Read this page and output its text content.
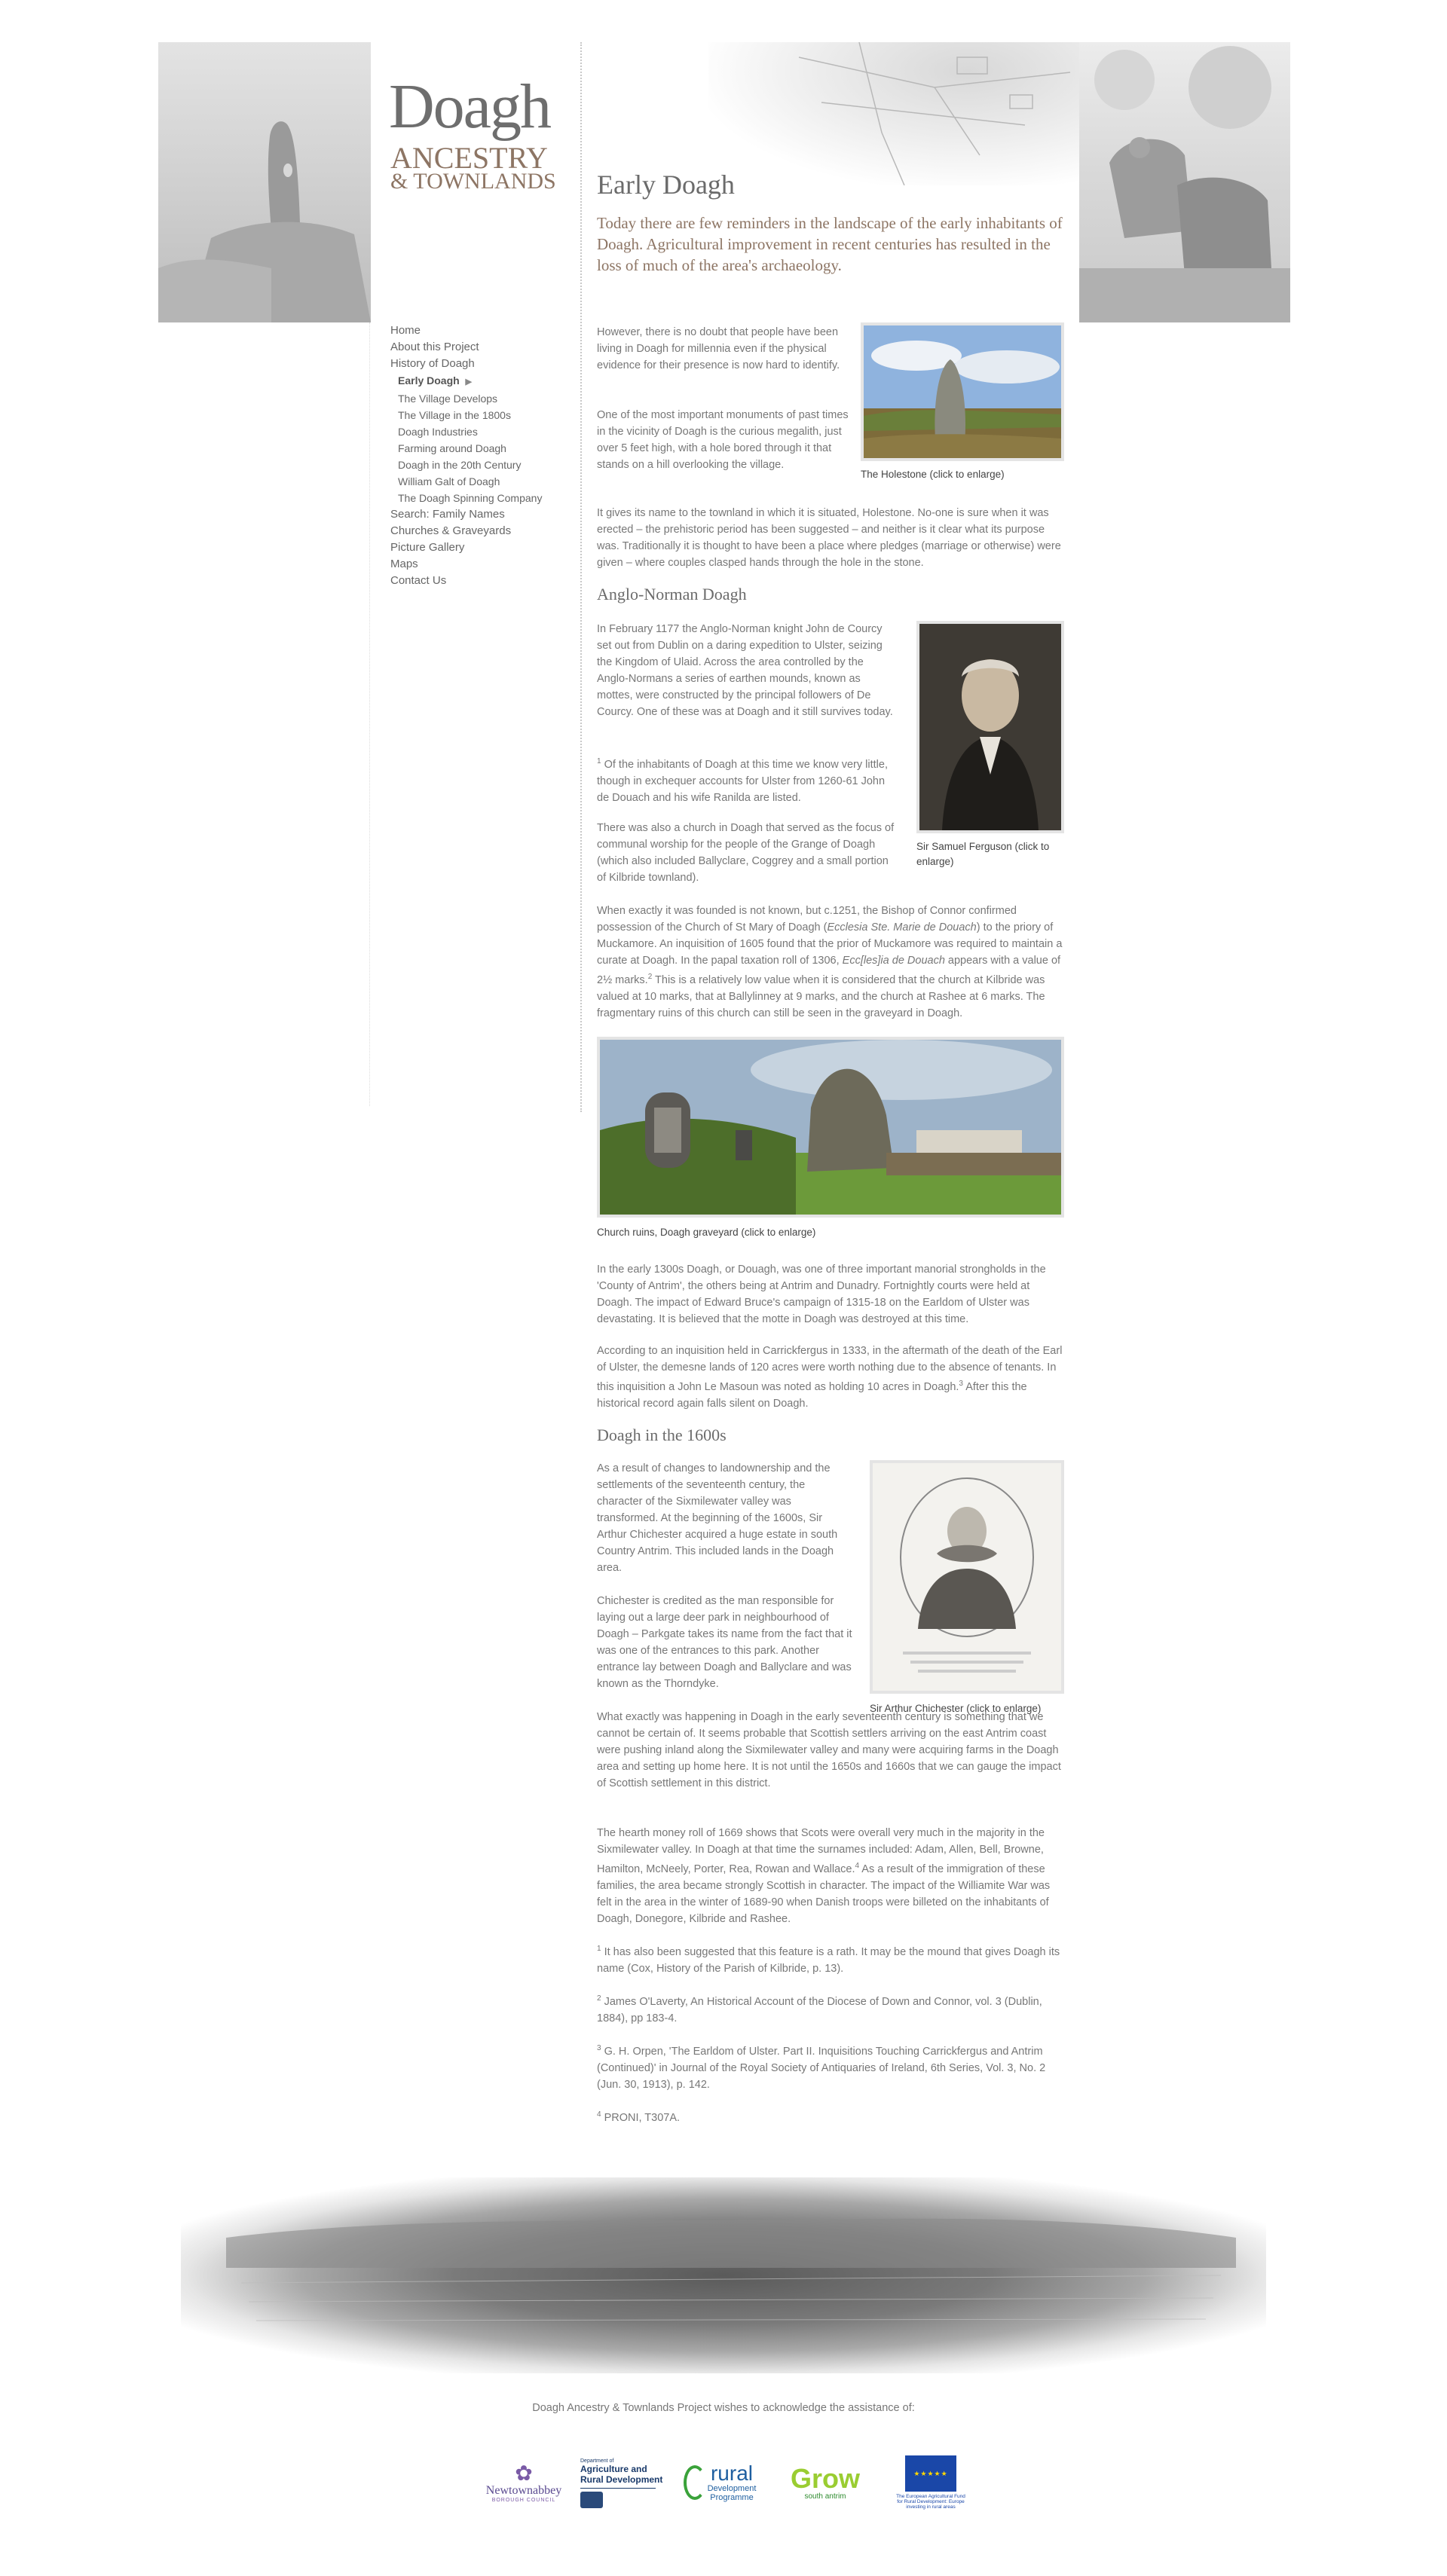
Doagh
ANCESTRY
& TOWNLANDS
Home
About this Project
History of Doagh
Early Doagh ▶
The Village Develops
The Village in the 1800s
Doagh Industries
Farming around Doagh
Doagh in the 20th Century
William Galt of Doagh
The Doagh Spinning Company
Search: Family Names
Churches & Graveyards
Picture Gallery
Maps
Contact Us
Early Doagh
Today there are few reminders in the landscape of the early inhabitants of Doagh. Agricultural improvement in recent centuries has resulted in the loss of much of the area's archaeology.

However, there is no doubt that people have been living in Doagh for millennia even if the physical evidence for their presence is now hard to identify.

One of the most important monuments of past times in the vicinity of Doagh is the curious megalith, just over 5 feet high, with a hole bored through it that stands on a hill overlooking the village.

The Holestone (click to enlarge)

It gives its name to the townland in which it is situated, Holestone. No-one is sure when it was erected – the prehistoric period has been suggested – and neither is it clear what its purpose was. Traditionally it is thought to have been a place where pledges (marriage or otherwise) were given – where couples clasped hands through the hole in the stone.

Anglo-Norman Doagh

In February 1177 the Anglo-Norman knight John de Courcy set out from Dublin on a daring expedition to Ulster, seizing the Kingdom of Ulaid. Across the area controlled by the Anglo-Normans a series of earthen mounds, known as mottes, were constructed by the principal followers of De Courcy. One of these was at Doagh and it still survives today.

$^1$ Of the inhabitants of Doagh at this time we know very little, though in exchequer accounts for Ulster from 1260-61 John de Douach and his wife Ranilda are listed.

There was also a church in Doagh that served as the focus of communal worship for the people of the Grange of Doagh (which also included Ballyclare, Coggrey and a small portion of Kilbride townland).

Sir Samuel Ferguson (click to enlarge)

When exactly it was founded is not known, but c.1251, the Bishop of Connor confirmed possession of the Church of St Mary of Doagh (Ecclesia Ste. Marie de Douach) to the priory of Muckamore. An inquisition of 1605 found that the prior of Muckamore was required to maintain a curate at Doagh. In the papal taxation roll of 1306, Ecc[les]ia de Douach appears with a value of 2½ marks.$^2$ This is a relatively low value when it is considered that the church at Kilbride was valued at 10 marks, that at Ballylinney at 9 marks, and the church at Rashee at 6 marks. The fragmentary ruins of this church can still be seen in the graveyard in Doagh.

Church ruins, Doagh graveyard (click to enlarge)

In the early 1300s Doagh, or Douagh, was one of three important manorial strongholds in the 'County of Antrim', the others being at Antrim and Dunadry. Fortnightly courts were held at Doagh. The impact of Edward Bruce's campaign of 1315-18 on the Earldom of Ulster was devastating. It is believed that the motte in Doagh was destroyed at this time.

According to an inquisition held in Carrickfergus in 1333, in the aftermath of the death of the Earl of Ulster, the demesne lands of 120 acres were worth nothing due to the absence of tenants. In this inquisition a John Le Masoun was noted as holding 10 acres in Doagh.$^3$ After this the historical record again falls silent on Doagh.

Doagh in the 1600s

As a result of changes to landownership and the settlements of the seventeenth century, the character of the Sixmilewater valley was transformed. At the beginning of the 1600s, Sir Arthur Chichester acquired a huge estate in south Country Antrim. This included lands in the Doagh area.

Chichester is credited as the man responsible for laying out a large deer park in neighbourhood of Doagh – Parkgate takes its name from the fact that it was one of the entrances to this park. Another entrance lay between Doagh and Ballyclare and was known as the Thorndyke.

Sir Arthur Chichester (click to enlarge)

What exactly was happening in Doagh in the early seventeenth century is something that we cannot be certain of. It seems probable that Scottish settlers arriving on the east Antrim coast were pushing inland along the Sixmilewater valley and many were acquiring farms in the Doagh area and setting up home here. It is not until the 1650s and 1660s that we can gauge the impact of Scottish settlement in this district.

The hearth money roll of 1669 shows that Scots were overall very much in the majority in the Sixmilewater valley. In Doagh at that time the surnames included: Adam, Allen, Bell, Browne, Hamilton, McNeely, Porter, Rea, Rowan and Wallace.$^4$ As a result of the immigration of these families, the area became strongly Scottish in character. The impact of the Williamite War was felt in the area in the winter of 1689-90 when Danish troops were billeted on the inhabitants of Doagh, Donegore, Kilbride and Rashee.

$^1$ It has also been suggested that this feature is a rath. It may be the mound that gives Doagh its name (Cox, History of the Parish of Kilbride, p. 13).

$^2$ James O'Laverty, An Historical Account of the Diocese of Down and Connor, vol. 3 (Dublin, 1884), pp 183-4.

$^3$ G. H. Orpen, 'The Earldom of Ulster. Part II. Inquisitions Touching Carrickfergus and Antrim (Continued)' in Journal of the Royal Society of Antiquaries of Ireland, 6th Series, Vol. 3, No. 2 (Jun. 30, 1913), p. 142.

$^4$ PRONI, T307A.

Doagh Ancestry & Townlands Project wishes to acknowledge the assistance of:
✿
Newtownabbey
BOROUGH COUNCIL
Department of
Agriculture and
Rural Development rural
Development
Programme
Grow
south antrim
★★★★★
The European Agricultural Fund
for Rural Development: Europe
investing in rural areas
